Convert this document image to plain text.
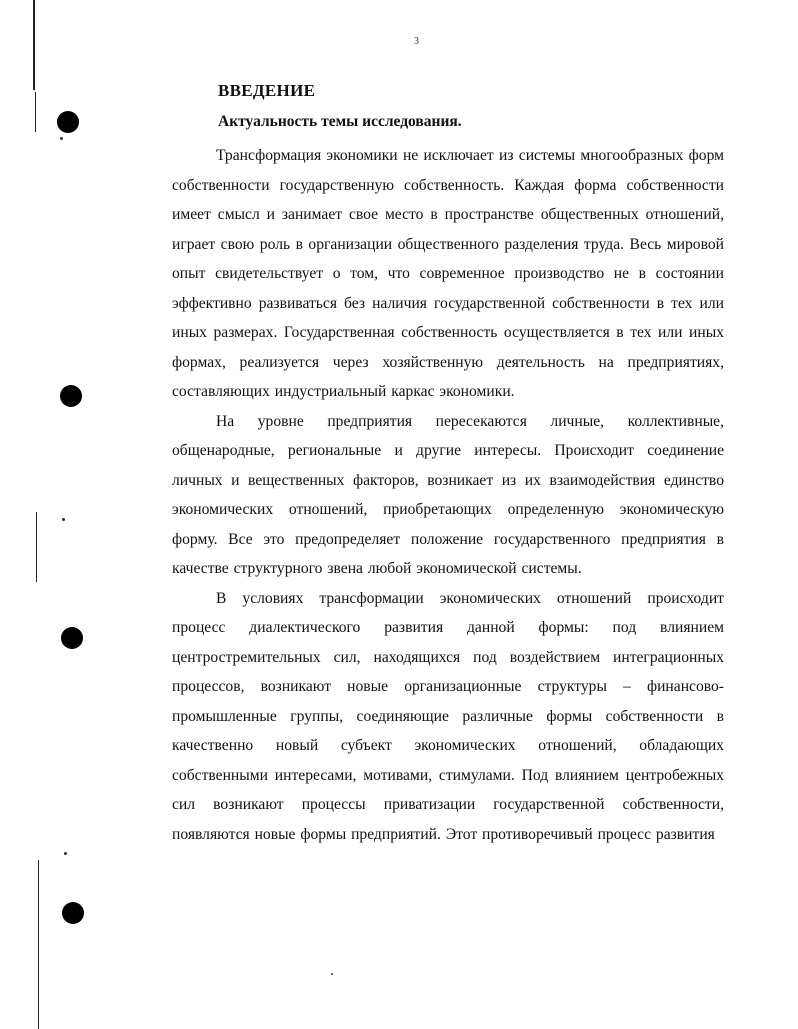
3
ВВЕДЕНИЕ
Актуальность темы исследования.

Трансформация экономики не исключает из системы многообразных форм собственности государственную собственность. Каждая форма собственности имеет смысл и занимает свое место в пространстве общественных отношений, играет свою роль в организации общественного разделения труда. Весь мировой опыт свидетельствует о том, что современное производство не в состоянии эффективно развиваться без наличия государственной собственности в тех или иных размерах. Государственная собственность осуществляется в тех или иных формах, реализуется через хозяйственную деятельность на предприятиях, составляющих индустриальный каркас экономики.

На уровне предприятия пересекаются личные, коллективные, общенародные, региональные и другие интересы. Происходит соединение личных и вещественных факторов, возникает из их взаимодействия единство экономических отношений, приобретающих определенную экономическую форму. Все это предопределяет положение государственного предприятия в качестве структурного звена любой экономической системы.

В условиях трансформации экономических отношений происходит процесс диалектического развития данной формы: под влиянием центростремительных сил, находящихся под воздействием интеграционных процессов, возникают новые организационные структуры – финансово-промышленные группы, соединяющие различные формы собственности в качественно новый субъект экономических отношений, обладающих собственными интересами, мотивами, стимулами. Под влиянием центробежных сил возникают процессы приватизации государственной собственности, появляются новые формы предприятий. Этот противоречивый процесс развития
